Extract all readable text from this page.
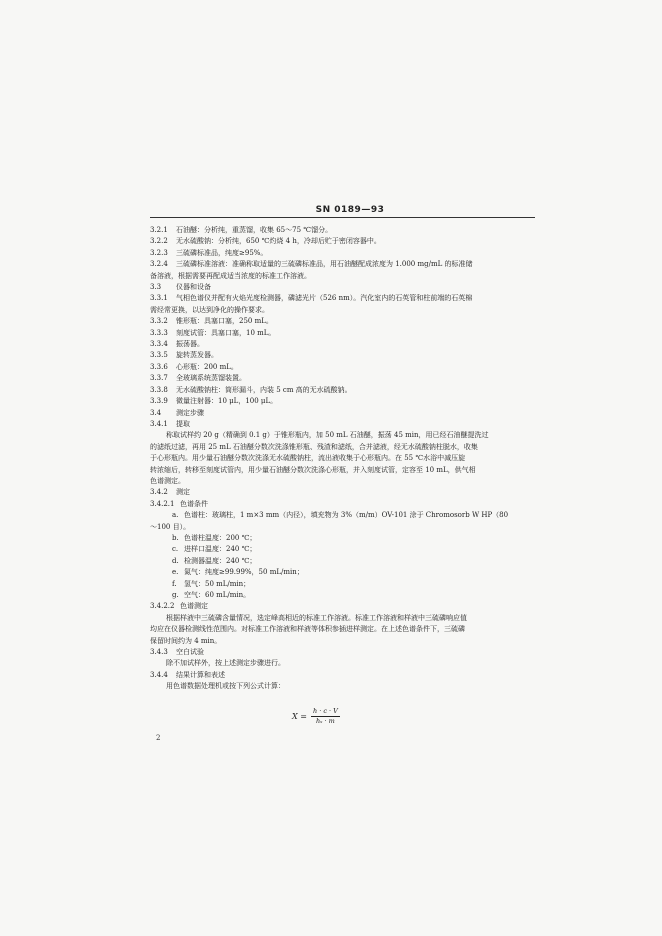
SN 0189—93
3.2.1 石油醚：分析纯，重蒸馏，收集 65～75 ℃馏分。
3.2.2 无水硫酸钠：分析纯，650 ℃灼烧 4 h，冷却后贮于密闭容器中。
3.2.3 三硫磷标准品，纯度≥95%。
3.2.4 三硫磷标准溶液：准确称取适量的三硫磷标准品，用石油醚配成浓度为 1.000 mg/mL 的标准储
备溶液，根据需要再配成适当浓度的标准工作溶液。
3.3 仪器和设备
3.3.1 气相色谱仪并配有火焰光度检测器，磷滤光片（526 nm）。汽化室内的石英管和柱前端的石英棉
需经常更换，以达到净化的操作要求。
3.3.2 锥形瓶：具塞口塞，250 mL。
3.3.3 刻度试管：具塞口塞，10 mL。
3.3.4 振荡器。
3.3.5 旋转蒸发器。
3.3.6 心形瓶：200 mL。
3.3.7 全玻璃系统蒸馏装置。
3.3.8 无水硫酸钠柱：筒形漏斗，内装 5 cm 高的无水硫酸钠。
3.3.9 微量注射器：10 μL，100 μL。
3.4 测定步骤
3.4.1 提取
称取试样约 20 g（精确到 0.1 g）于锥形瓶内，加 50 mL 石油醚，振荡 45 min，用已经石油醚提洗过
的滤纸过滤，再用 25 mL 石油醚分数次洗涤锥形瓶、残渣和滤纸，合并滤液，经无水硫酸钠柱脱水，收集
于心形瓶内。用少量石油醚分数次洗涤无水硫酸钠柱，流出液收集于心形瓶内。在 55 ℃水浴中减压旋
转浓缩后，转移至刻度试管内，用少量石油醚分数次洗涤心形瓶，并入刻度试管，定容至 10 mL，供气相
色谱测定。
3.4.2 测定
3.4.2.1 色谱条件
a. 色谱柱：玻璃柱，1 m×3 mm（内径），填充物为 3%（m/m）OV-101 涂于 Chromosorb W HP（80
～100 目）。
b. 色谱柱温度：200 ℃；
c. 进样口温度：240 ℃；
d. 检测器温度：240 ℃；
e. 氮气：纯度≥99.99%，50 mL/min；
f. 氢气：50 mL/min；
g. 空气：60 mL/min。
3.4.2.2 色谱测定
根据样液中三硫磷含量情况，选定峰高相近的标准工作溶液。标准工作溶液和样液中三硫磷响应值
均应在仪器检测线性范围内。对标准工作溶液和样液等体积参插进样测定。在上述色谱条件下，三硫磷
保留时间约为 4 min。
3.4.3 空白试验
除不加试样外，按上述测定步骤进行。
3.4.4 结果计算和表述
用色谱数据处理机或按下列公式计算：
$X = \frac{h \cdot c \cdot V}{\text{hₛ · m}}$
2
